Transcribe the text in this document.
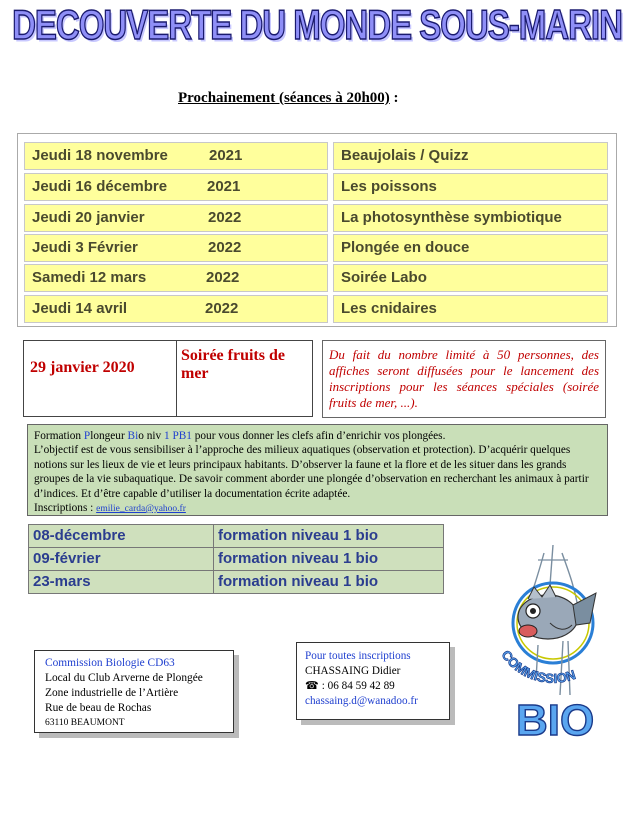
DECOUVERTE DU MONDE SOUS-MARIN
Prochainement (séances à 20h00) :
Jeudi 18 novembre	2021	Beaujolais / Quizz
Jeudi 16 décembre	2021	Les poissons
Jeudi 20 janvier	2022	La photosynthèse symbiotique
Jeudi 3 Février	2022	Plongée en douce
Samedi 12 mars	2022	Soirée Labo
Jeudi 14 avril	2022	Les cnidaires
29 janvier 2020
Soirée fruits de mer
Du fait du nombre limité à 50 personnes, des affiches seront diffusées pour le lancement des inscriptions pour les séances spéciales (soirée fruits de mer, ...).
Formation Plongeur Bio niv 1 PB1 pour vous donner les clefs afin d’enrichir vos plongées.
L’objectif est de vous sensibiliser à l’approche des milieux aquatiques (observation et protection). D’acquérir quelques notions sur les lieux de vie et leurs principaux habitants. D’observer la faune et la flore et de les situer dans les grands groupes de la vie subaquatique. De savoir comment aborder une plongée d’observation en recherchant les animaux à partir d’indices. Et d’être capable d’utiliser la documentation écrite adaptée.
Inscriptions : emilie_carda@yahoo.fr
08-décembre	formation niveau 1 bio
09-février	formation niveau 1 bio
23-mars	formation niveau 1 bio
Commission Biologie CD63
Local du Club Arverne de Plongée
Zone industrielle de l’Artière
Rue de beau de Rochas
63110 BEAUMONT
Pour toutes inscriptions
CHASSAING Didier
☎ : 06 84 59 42 89
chassaing.d@wanadoo.fr
COMMISSION
BIO
